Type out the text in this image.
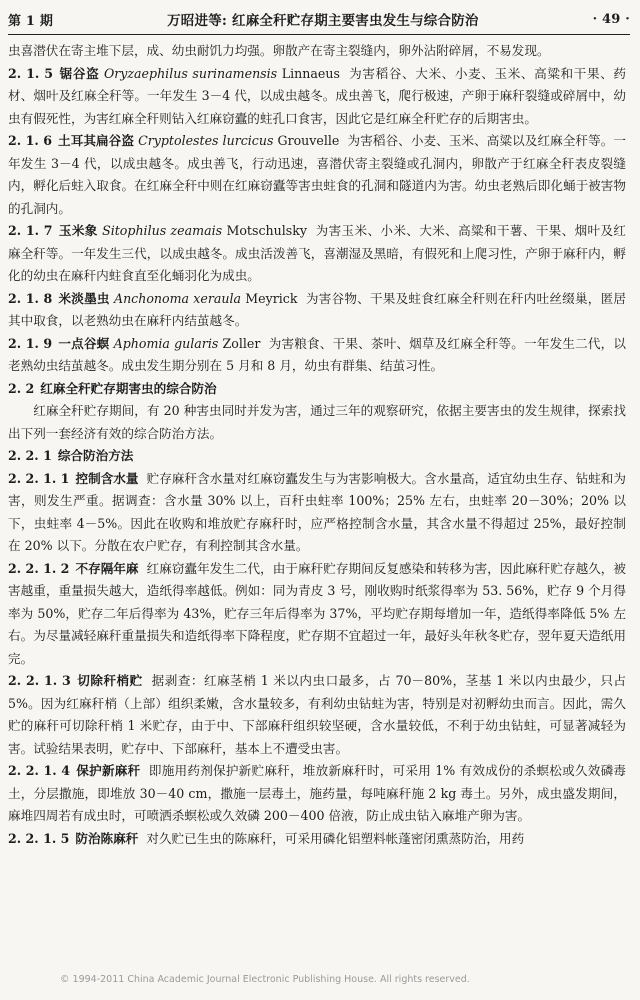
第 1 期	万昭进等: 红麻全秆贮存期主要害虫发生与综合防治	· 49 ·

虫喜潜伏在寄主堆下层，成、幼虫耐饥力均强。卵散产在寄主裂缝内，卵外沾附碎屑，不易发现。

2. 1. 5 锯谷盗 Oryzaephilus surinamensis Linnaeus 为害稻谷、大米、小麦、玉米、高粱和干果、药材、烟叶及红麻全秆等。一年发生 3－4 代，以成虫越冬。成虫善飞，爬行极速，产卵于麻秆裂缝或碎屑中，幼虫有假死性，为害红麻全秆则钻入红麻窃蠹的蛀孔口食害，因此它是红麻全秆贮存的后期害虫。

2. 1. 6 土耳其扁谷盗 Cryptolestes lurcicus Grouvelle 为害稻谷、小麦、玉米、高粱以及红麻全秆等。一年发生 3－4 代，以成虫越冬。成虫善飞，行动迅速，喜潜伏寄主裂缝或孔洞内，卵散产于红麻全秆表皮裂缝内，孵化后蛀入取食。在红麻全秆中则在红麻窃蠹等害虫蛀食的孔洞和隧道内为害。幼虫老熟后即化蛹于被害物的孔洞内。

2. 1. 7 玉米象 Sitophilus zeamais Motschulsky 为害玉米、小米、大米、高粱和干薯、干果、烟叶及红麻全秆等。一年发生三代，以成虫越冬。成虫活泼善飞，喜潮湿及黑暗，有假死和上爬习性，产卵于麻秆内，孵化的幼虫在麻秆内蛀食直至化蛹羽化为成虫。

2. 1. 8 米淡墨虫 Anchonoma xeraula Meyrick 为害谷物、干果及蛀食红麻全秆则在秆内吐丝缀巢，匿居其中取食，以老熟幼虫在麻秆内结茧越冬。

2. 1. 9 一点谷螟 Aphomia gularis Zoller 为害粮食、干果、茶叶、烟草及红麻全秆等。一年发生二代，以老熟幼虫结茧越冬。成虫发生期分别在 5 月和 8 月，幼虫有群集、结茧习性。

2. 2 红麻全秆贮存期害虫的综合防治

红麻全秆贮存期间，有 20 种害虫同时并发为害，通过三年的观察研究，依据主要害虫的发生规律，探索找出下列一套经济有效的综合防治方法。

2. 2. 1 综合防治方法

2. 2. 1. 1 控制含水量 贮存麻秆含水量对红麻窃蠹发生与为害影响极大。含水量高，适宜幼虫生存、钻蛀和为害，则发生严重。据调查：含水量 30% 以上，百秆虫蛀率 100%；25% 左右，虫蛀率 20－30%；20% 以下，虫蛀率 4－5%。因此在收购和堆放贮存麻秆时，应严格控制含水量，其含水量不得超过 25%，最好控制在 20% 以下。分散在农户贮存，有利控制其含水量。

2. 2. 1. 2 不存隔年麻 红麻窃蠹年发生二代，由于麻秆贮存期间反复感染和转移为害，因此麻秆贮存越久，被害越重，重量损失越大，造纸得率越低。例如：同为青皮 3 号，刚收购时纸浆得率为 53. 56%，贮存 9 个月得率为 50%，贮存二年后得率为 43%，贮存三年后得率为 37%，平均贮存期每增加一年，造纸得率降低 5% 左右。为尽量减轻麻秆重量损失和造纸得率下降程度，贮存期不宜超过一年，最好头年秋冬贮存，翌年夏天造纸用完。

2. 2. 1. 3 切除秆梢贮 据剥查：红麻茎梢 1 米以内虫口最多，占 70－80%，茎基 1 米以内虫最少，只占 5%。因为红麻秆梢（上部）组织柔嫩，含水量较多，有利幼虫钻蛀为害，特别是对初孵幼虫而言。因此，需久贮的麻秆可切除秆梢 1 米贮存，由于中、下部麻秆组织较坚硬，含水量较低，不利于幼虫钻蛀，可显著减轻为害。试验结果表明，贮存中、下部麻秆，基本上不遭受虫害。

2. 2. 1. 4 保护新麻秆 即施用药剂保护新贮麻秆，堆放新麻秆时，可采用 1% 有效成份的杀螟松或久效磷毒土，分层撒施，即堆放 30－40 cm，撒施一层毒土，施药量，每吨麻秆施 2 kg 毒土。另外，成虫盛发期间，麻堆四周若有成虫时，可喷洒杀螟松或久效磷 200－400 倍液，防止成虫钻入麻堆产卵为害。

2. 2. 1. 5 防治陈麻秆 对久贮已生虫的陈麻秆，可采用磷化铝塑料帐蓬密闭熏蒸防治，用药

© 1994-2011 China Academic Journal Electronic Publishing House. All rights reserved.
